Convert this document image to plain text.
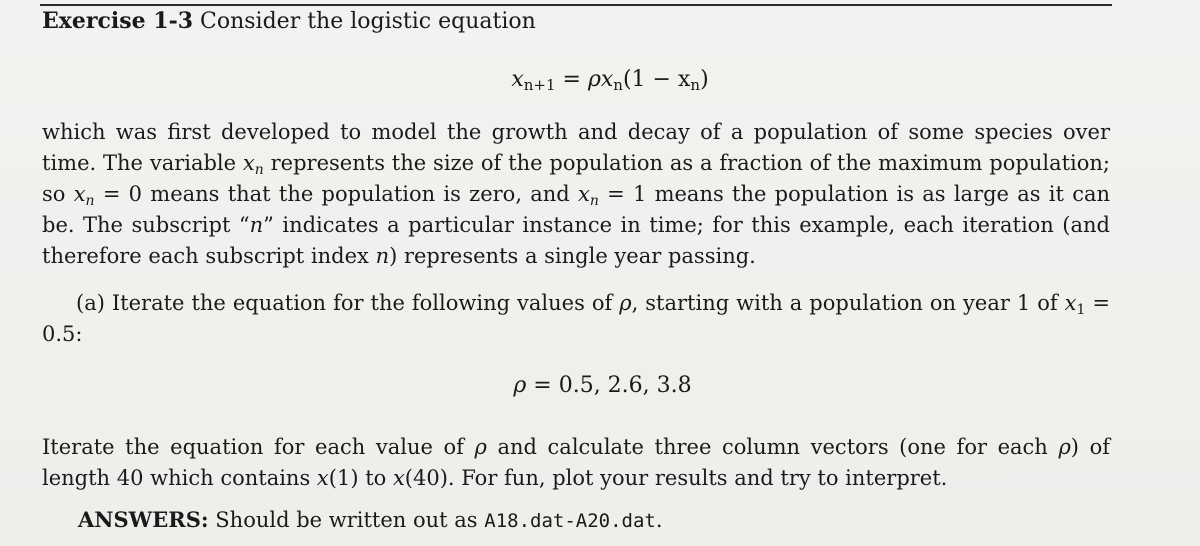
Exercise 1-3 Consider the logistic equation
$x_{n+1} = \rho x_n(1 - x_n)$
which was first developed to model the growth and decay of a population of some species over time. The variable xn represents the size of the population as a fraction of the maximum population; so xn = 0 means that the population is zero, and xn = 1 means the population is as large as it can be. The subscript “n” indicates a particular instance in time; for this example, each iteration (and therefore each subscript index n) represents a single year passing.
(a) Iterate the equation for the following values of ρ, starting with a population on year 1 of x1 = 0.5:
ρ = 0.5, 2.6, 3.8
Iterate the equation for each value of ρ and calculate three column vectors (one for each ρ) of length 40 which contains x(1) to x(40). For fun, plot your results and try to interpret.
ANSWERS: Should be written out as A18.dat-A20.dat.
